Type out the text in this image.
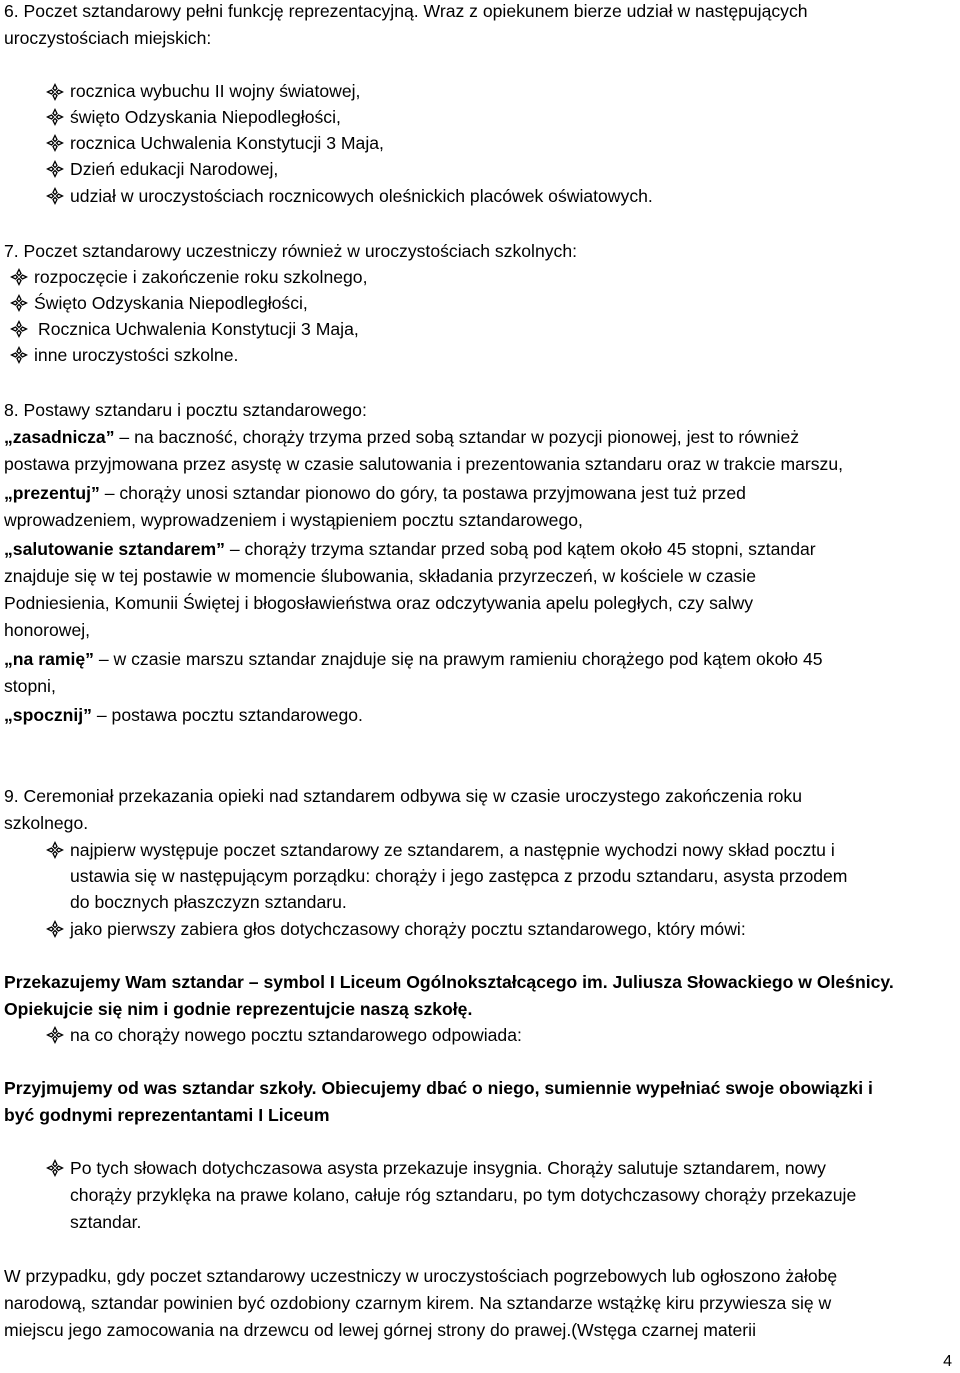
6. Poczet sztandarowy pełni funkcję reprezentacyjną. Wraz z opiekunem bierze udział w następujących
uroczystościach miejskich:
rocznica wybuchu II wojny światowej,
święto Odzyskania Niepodległości,
rocznica Uchwalenia Konstytucji 3 Maja,
Dzień edukacji Narodowej,
udział w uroczystościach rocznicowych oleśnickich placówek oświatowych.
7. Poczet sztandarowy uczestniczy również w uroczystościach szkolnych:
rozpoczęcie i zakończenie roku szkolnego,
Święto Odzyskania Niepodległości,
Rocznica Uchwalenia Konstytucji 3 Maja,
inne uroczystości szkolne.
8. Postawy sztandaru i pocztu sztandarowego:
„zasadnicza” – na baczność, chorąży trzyma przed sobą sztandar w pozycji pionowej, jest to również
postawa przyjmowana przez asystę w czasie salutowania i prezentowania sztandaru oraz w trakcie marszu,
„prezentuj” – chorąży unosi sztandar pionowo do góry, ta postawa przyjmowana jest tuż przed
wprowadzeniem, wyprowadzeniem i wystąpieniem pocztu sztandarowego,
„salutowanie sztandarem” – chorąży trzyma sztandar przed sobą pod kątem około 45 stopni, sztandar
znajduje się w tej postawie w momencie ślubowania, składania przyrzeczeń, w kościele w czasie
Podniesienia, Komunii Świętej i błogosławieństwa oraz odczytywania apelu poległych, czy salwy
honorowej,
„na ramię” – w czasie marszu sztandar znajduje się na prawym ramieniu chorążego pod kątem około 45
stopni,
„spocznij” – postawa pocztu sztandarowego.
9. Ceremoniał przekazania opieki nad sztandarem odbywa się w czasie uroczystego zakończenia roku
szkolnego.
najpierw występuje poczet sztandarowy ze sztandarem, a następnie wychodzi nowy skład pocztu i
ustawia się w następującym porządku: chorąży i jego zastępca z przodu sztandaru, asysta przodem
do bocznych płaszczyzn sztandaru.
jako pierwszy zabiera głos dotychczasowy chorąży pocztu sztandarowego, który mówi:
Przekazujemy Wam sztandar – symbol I Liceum Ogólnokształcącego im. Juliusza Słowackiego w Oleśnicy.
Opiekujcie się nim i godnie reprezentujcie naszą szkołę.
na co chorąży nowego pocztu sztandarowego odpowiada:
Przyjmujemy od was sztandar szkoły. Obiecujemy dbać o niego, sumiennie wypełniać swoje obowiązki i
być godnymi reprezentantami I Liceum
Po tych słowach dotychczasowa asysta przekazuje insygnia. Chorąży salutuje sztandarem, nowy
chorąży przyklęka na prawe kolano, całuje róg sztandaru, po tym dotychczasowy chorąży przekazuje
sztandar.
W przypadku, gdy poczet sztandarowy uczestniczy w uroczystościach pogrzebowych lub ogłoszono żałobę
narodową, sztandar powinien być ozdobiony czarnym kirem. Na sztandarze wstążkę kiru przywiesza się w
miejscu jego zamocowania na drzewcu od lewej górnej strony do prawej.(Wstęga czarnej materii
4
